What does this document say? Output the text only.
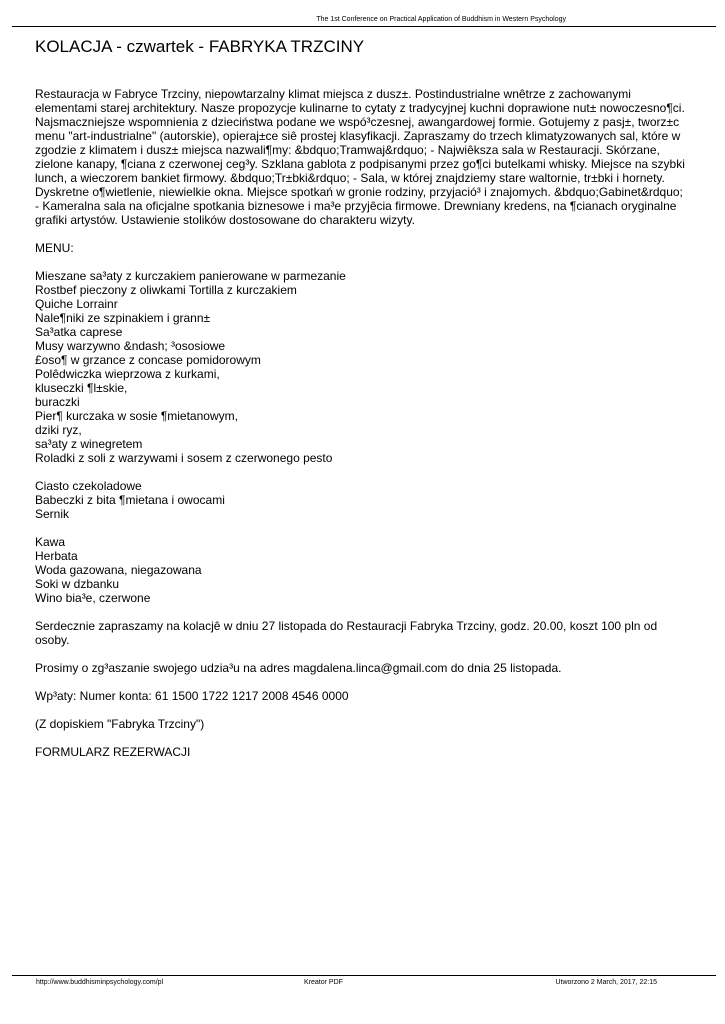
The 1st Conference on Practical Application of Buddhism in Western Psychology
KOLACJA - czwartek - FABRYKA TRZCINY

Restauracja w Fabryce Trzciny, niepowtarzalny klimat miejsca z dusz±. Postindustrialne wnêtrze z zachowanymi elementami starej architektury. Nasze propozycje kulinarne to cytaty z tradycyjnej kuchni doprawione nut± nowoczesno¶ci. Najsmaczniejsze wspomnienia z dzieciństwa podane we wspó³czesnej, awangardowej formie. Gotujemy z pasj±, tworz±c menu "art-industrialne" (autorskie), opieraj±ce siê prostej klasyfikacji. Zapraszamy do trzech klimatyzowanych sal, które w zgodzie z klimatem i dusz± miejsca nazwali¶my: &bdquo;Tramwaj&rdquo; - Najwiêksza sala w Restauracji. Skórzane, zielone kanapy, ¶ciana z czerwonej ceg³y. Szklana gablota z podpisanymi przez go¶ci butelkami whisky. Miejsce na szybki lunch, a wieczorem bankiet firmowy. &bdquo;Tr±bki&rdquo; - Sala, w której znajdziemy stare waltornie, tr±bki i hornety. Dyskretne o¶wietlenie, niewielkie okna. Miejsce spotkań w gronie rodziny, przyjació³ i znajomych. &bdquo;Gabinet&rdquo; - Kameralna sala na oficjalne spotkania biznesowe i ma³e przyjêcia firmowe. Drewniany kredens, na ¶cianach oryginalne grafiki artystów. Ustawienie stolików dostosowane do charakteru wizyty.

MENU:

Mieszane sa³aty z kurczakiem panierowane w parmezanie
Rostbef pieczony z oliwkami Tortilla z kurczakiem
Quiche Lorrainr
Nale¶niki ze szpinakiem i grann±
Sa³atka caprese
Musy warzywno &ndash; ³ososiowe
£oso¶ w grzance z concase pomidorowym
Polêdwiczka wieprzowa z kurkami,
kluseczki ¶l±skie,
buraczki
Pier¶ kurczaka w sosie ¶mietanowym,
dziki ryz,
sa³aty z winegretem
Roladki z soli z warzywami i sosem z czerwonego pesto
Ciasto czekoladowe
Babeczki z bita ¶mietana i owocami
Sernik
Kawa
Herbata
Woda gazowana, niegazowana
Soki w dzbanku
Wino bia³e, czerwone

Serdecznie zapraszamy na kolacjê w dniu 27 listopada do Restauracji Fabryka Trzciny, godz. 20.00, koszt 100 pln od osoby.

Prosimy o zg³aszanie swojego udzia³u na adres magdalena.linca@gmail.com do dnia 25 listopada.

Wp³aty: Numer konta: 61 1500 1722 1217 2008 4546 0000

(Z dopiskiem "Fabryka Trzciny")

FORMULARZ REZERWACJI

http://www.buddhisminpsychology.com/pl	Kreator PDF	Utworzono 2 March, 2017, 22:15
